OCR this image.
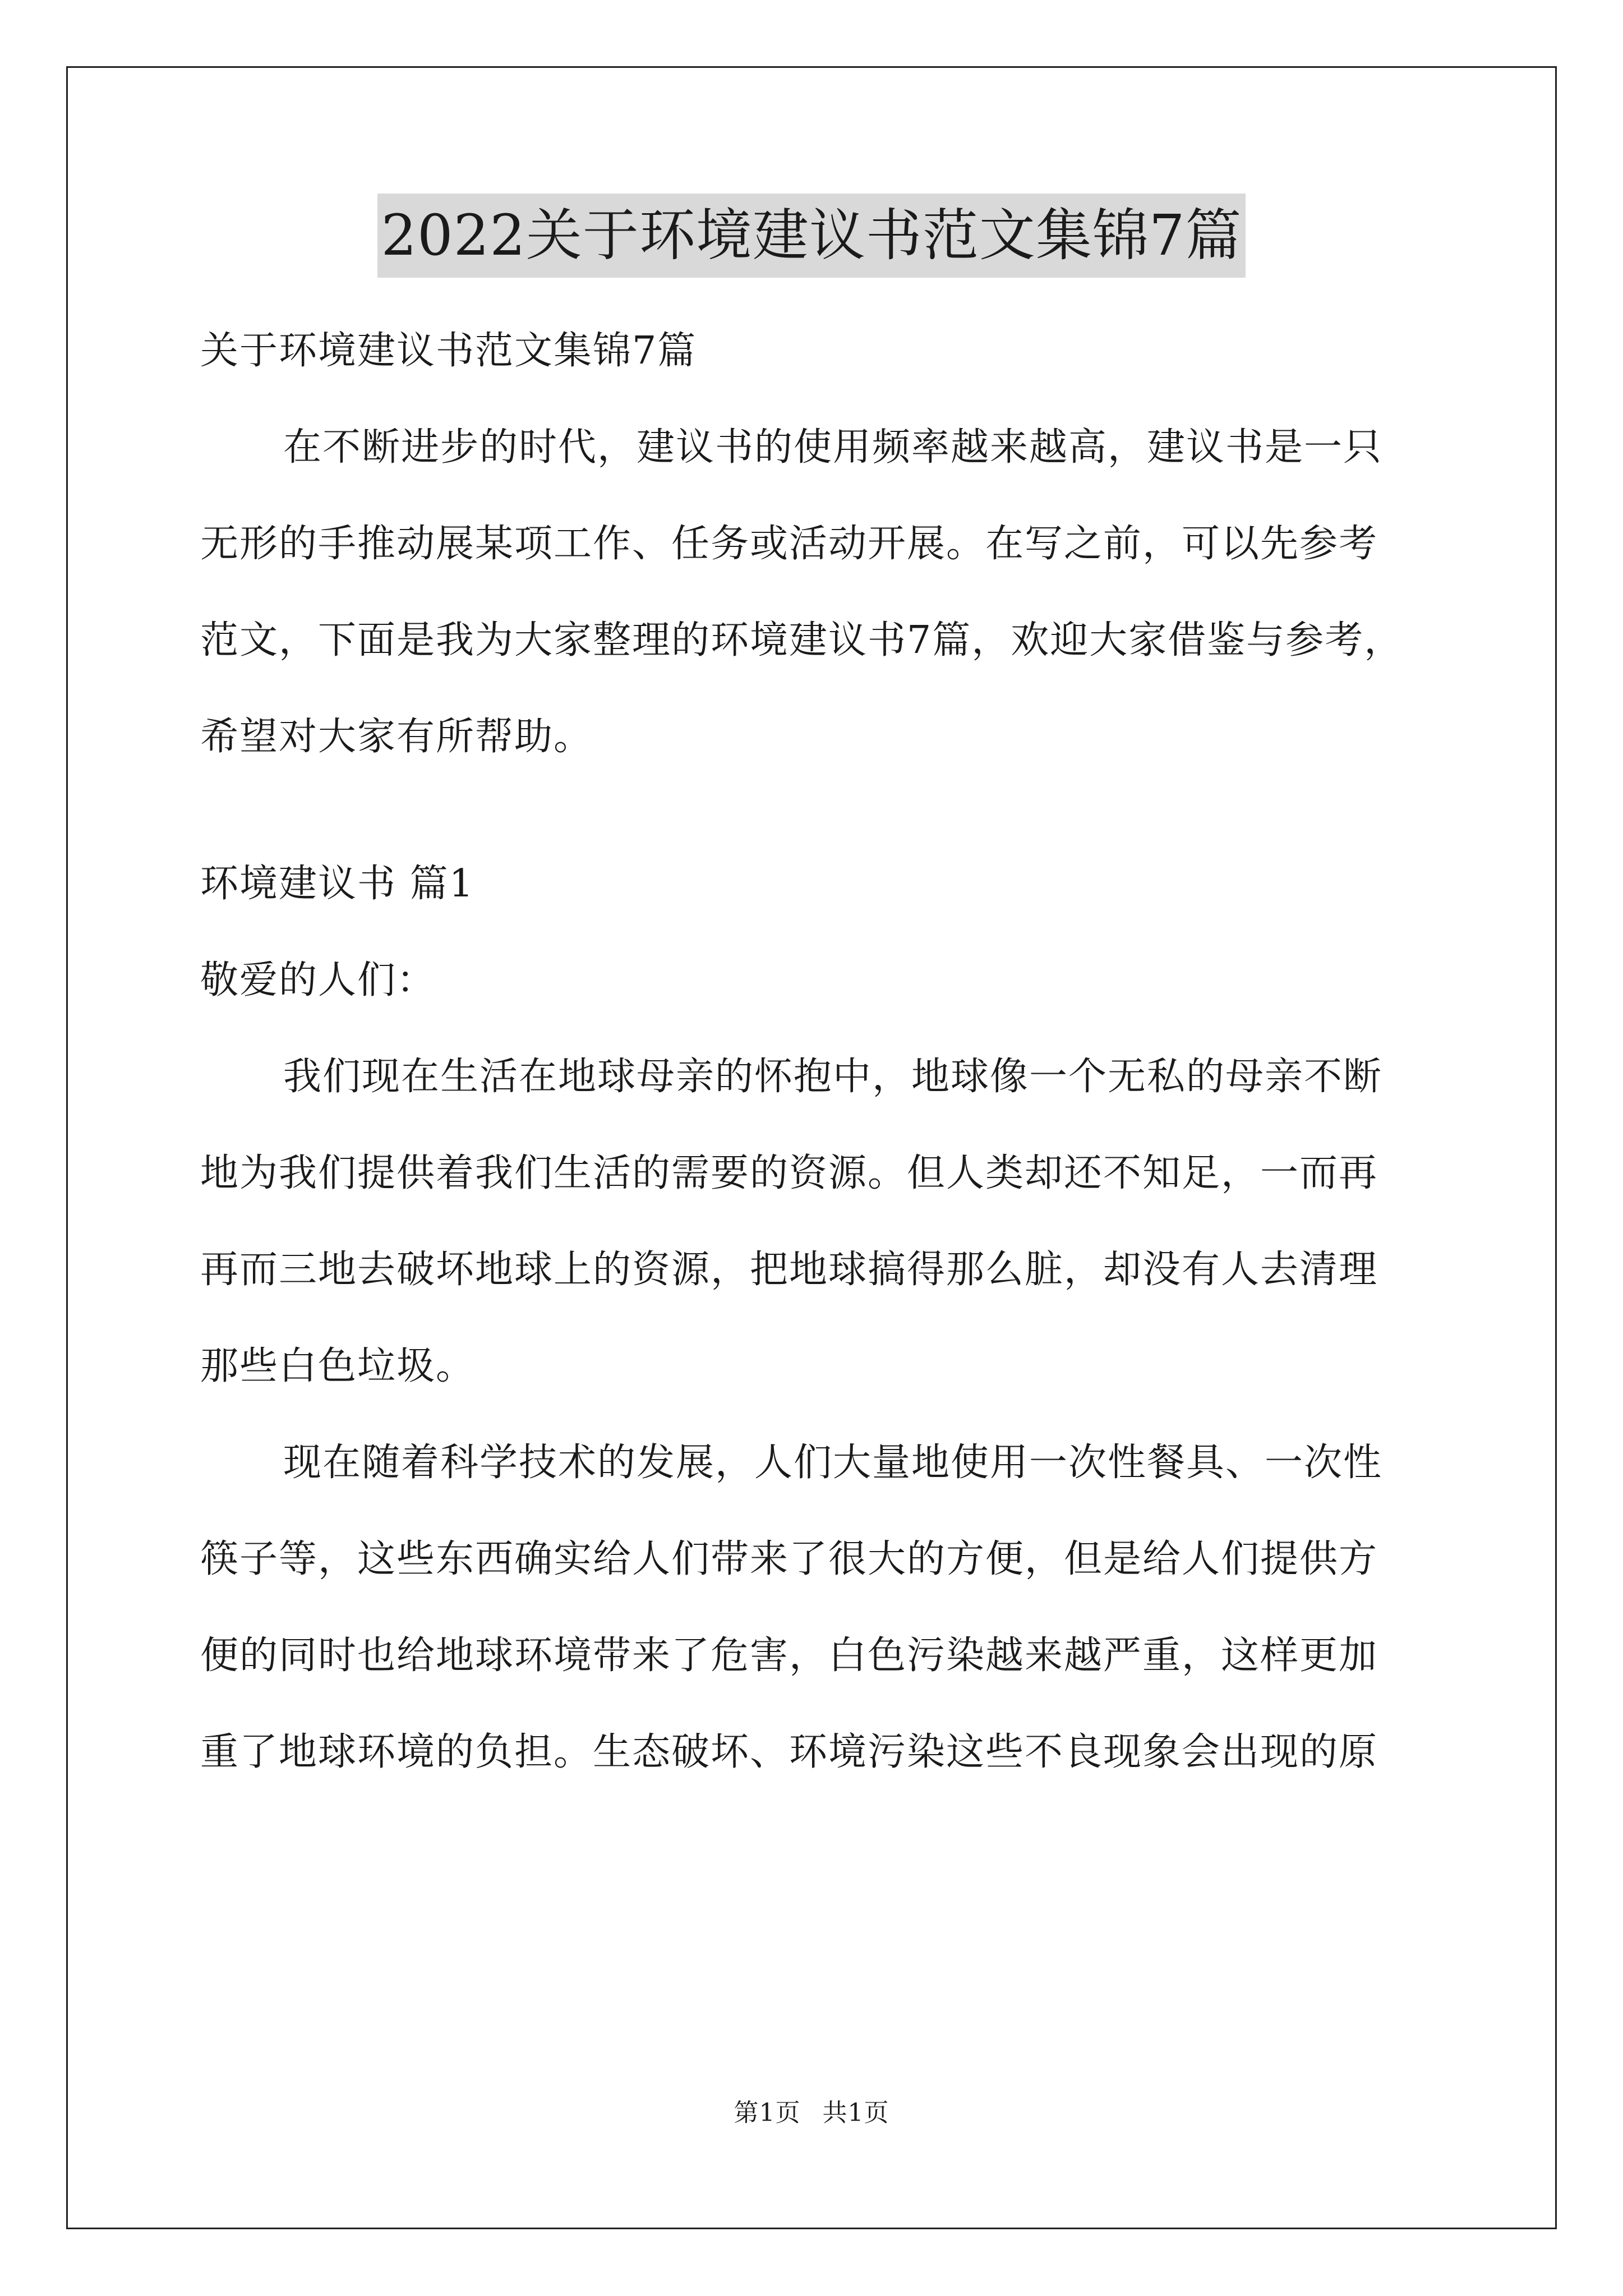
2022关于环境建议书范文集锦7篇
关于环境建议书范文集锦7篇
在不断进步的时代，建议书的使用频率越来越高，建议书是一只
无形的手推动展某项工作、任务或活动开展。在写之前，可以先参考
范文，下面是我为大家整理的环境建议书7篇，欢迎大家借鉴与参考，
希望对大家有所帮助。
环境建议书 篇1
敬爱的人们：
我们现在生活在地球母亲的怀抱中，地球像一个无私的母亲不断
地为我们提供着我们生活的需要的资源。但人类却还不知足，一而再
再而三地去破坏地球上的资源，把地球搞得那么脏，却没有人去清理
那些白色垃圾。
现在随着科学技术的发展，人们大量地使用一次性餐具、一次性
筷子等，这些东西确实给人们带来了很大的方便，但是给人们提供方
便的同时也给地球环境带来了危害，白色污染越来越严重，这样更加
重了地球环境的负担。生态破坏、环境污染这些不良现象会出现的原
第1页 共1页
